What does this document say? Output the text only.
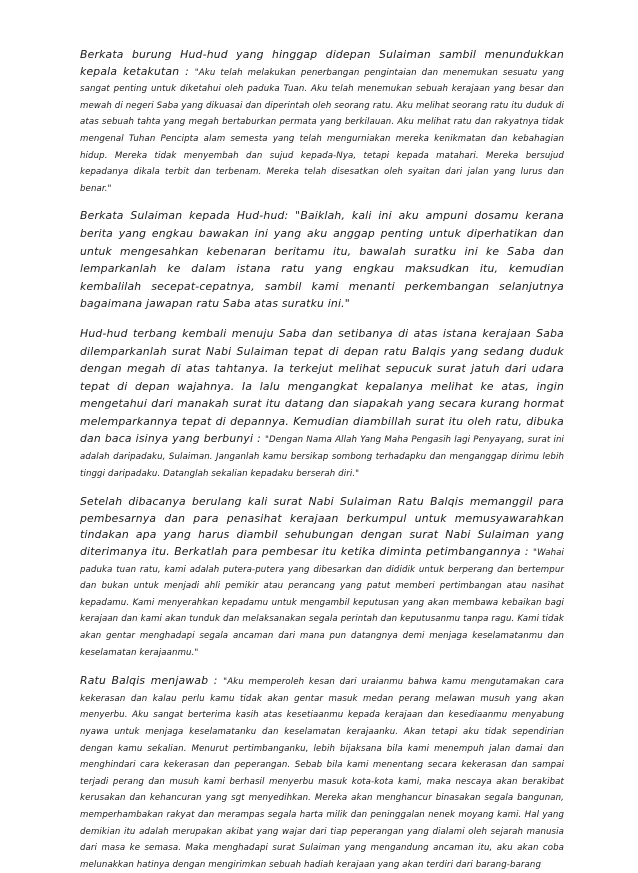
Berkata burung Hud-hud yang hinggap didepan Sulaiman sambil menundukkan kepala ketakutan : "Aku telah melakukan penerbangan pengintaian dan menemukan sesuatu yang sangat penting untuk diketahui oleh paduka Tuan. Aku telah menemukan sebuah kerajaan yang besar dan mewah di negeri Saba yang dikuasai dan diperintah oleh seorang ratu. Aku melihat seorang ratu itu duduk di atas sebuah tahta yang megah bertaburkan permata yang berkilauan. Aku melihat ratu dan rakyatnya tidak mengenal Tuhan Pencipta alam semesta yang telah mengurniakan mereka kenikmatan dan kebahagian hidup. Mereka tidak menyembah dan sujud kepada-Nya, tetapi kepada matahari. Mereka bersujud kepadanya dikala terbit dan terbenam. Mereka telah disesatkan oleh syaitan dari jalan yang lurus dan benar."

Berkata Sulaiman kepada Hud-hud: "Baiklah, kali ini aku ampuni dosamu kerana berita yang engkau bawakan ini yang aku anggap penting untuk diperhatikan dan untuk mengesahkan kebenaran beritamu itu, bawalah suratku ini ke Saba dan lemparkanlah ke dalam istana ratu yang engkau maksudkan itu, kemudian kembalilah secepat-cepatnya, sambil kami menanti perkembangan selanjutnya bagaimana jawapan ratu Saba atas suratku ini."

Hud-hud terbang kembali menuju Saba dan setibanya di atas istana kerajaan Saba dilemparkanlah surat Nabi Sulaiman tepat di depan ratu Balqis yang sedang duduk dengan megah di atas tahtanya. Ia terkejut melihat sepucuk surat jatuh dari udara tepat di depan wajahnya. Ia lalu mengangkat kepalanya melihat ke atas, ingin mengetahui dari manakah surat itu datang dan siapakah yang secara kurang hormat melemparkannya tepat di depannya. Kemudian diambillah surat itu oleh ratu, dibuka dan baca isinya yang berbunyi : "Dengan Nama Allah Yang Maha Pengasih lagi Penyayang, surat ini adalah daripadaku, Sulaiman. Janganlah kamu bersikap sombong terhadapku dan menganggap dirimu lebih tinggi daripadaku. Datanglah sekalian kepadaku berserah diri."

Setelah dibacanya berulang kali surat Nabi Sulaiman Ratu Balqis memanggil para pembesarnya dan para penasihat kerajaan berkumpul untuk memusyawarahkan tindakan apa yang harus diambil sehubungan dengan surat Nabi Sulaiman yang diterimanya itu. Berkatlah para pembesar itu ketika diminta petimbangannya : "Wahai paduka tuan ratu, kami adalah putera-putera yang dibesarkan dan dididik untuk berperang dan bertempur dan bukan untuk menjadi ahli pemikir atau perancang yang patut memberi pertimbangan atau nasihat kepadamu. Kami menyerahkan kepadamu untuk mengambil keputusan yang akan membawa kebaikan bagi kerajaan dan kami akan tunduk dan melaksanakan segala perintah dan keputusanmu tanpa ragu. Kami tidak akan gentar menghadapi segala ancaman dari mana pun datangnya demi menjaga keselamatanmu dan keselamatan kerajaanmu."

Ratu Balqis menjawab : "Aku memperoleh kesan dari uraianmu bahwa kamu mengutamakan cara kekerasan dan kalau perlu kamu tidak akan gentar masuk medan perang melawan musuh yang akan menyerbu. Aku sangat berterima kasih atas kesetiaanmu kepada kerajaan dan kesediaanmu menyabung nyawa untuk menjaga keselamatanku dan keselamatan kerajaanku. Akan tetapi aku tidak sependirian dengan kamu sekalian. Menurut pertimbanganku, lebih bijaksana bila kami menempuh jalan damai dan menghindari cara kekerasan dan peperangan. Sebab bila kami menentang secara kekerasan dan sampai terjadi perang dan musuh kami berhasil menyerbu masuk kota-kota kami, maka nescaya akan berakibat kerusakan dan kehancuran yang sgt menyedihkan. Mereka akan menghancur binasakan segala bangunan, memperhambakan rakyat dan merampas segala harta milik dan peninggalan nenek moyang kami. Hal yang demikian itu adalah merupakan akibat yang wajar dari tiap peperangan yang dialami oleh sejarah manusia dari masa ke semasa. Maka menghadapi surat Sulaiman yang mengandung ancaman itu, aku akan coba melunakkan hatinya dengan mengirimkan sebuah hadiah kerajaan yang akan terdiri dari barang-barang
